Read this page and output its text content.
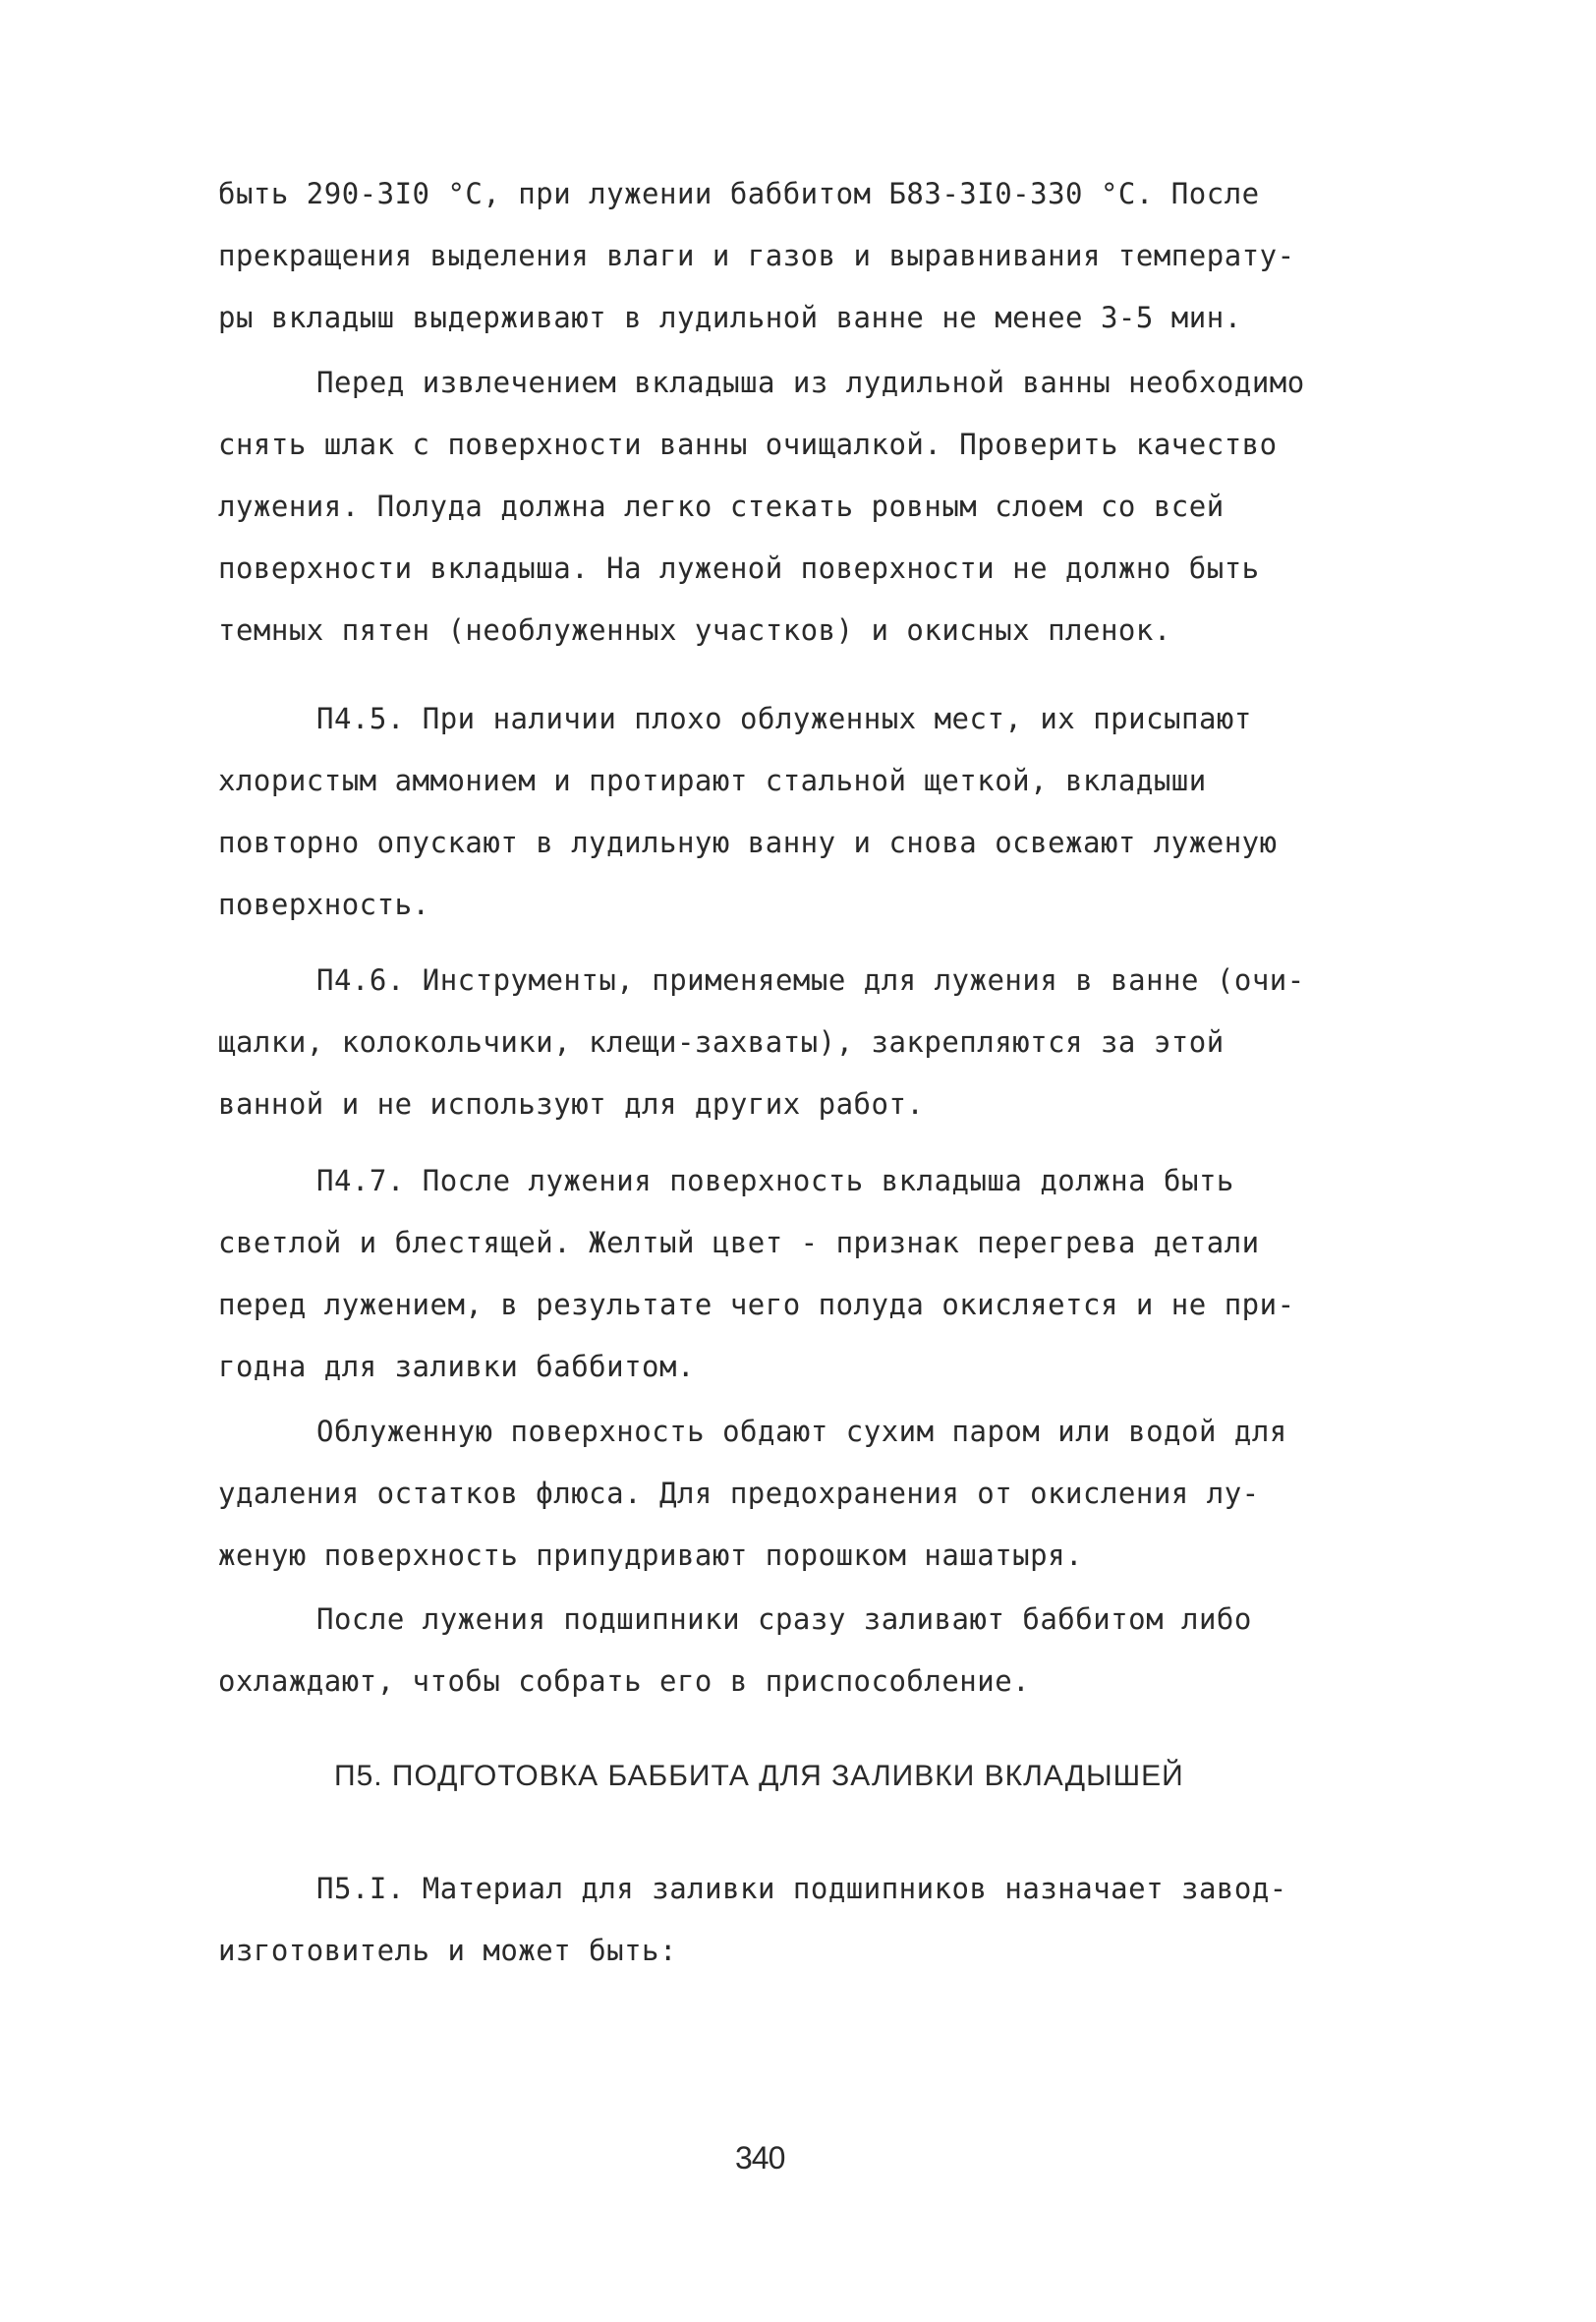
быть 290-3I0 °С, при лужении баббитом Б83-3I0-330 °С. После
прекращения выделения влаги и газов и выравнивания температу-
ры вкладыш выдерживают в лудильной ванне не менее 3-5 мин.
Перед извлечением вкладыша из лудильной ванны необходимо
снять шлак с поверхности ванны очищалкой. Проверить качество
лужения. Полуда должна легко стекать ровным слоем со всей
поверхности вкладыша. На луженой поверхности не должно быть
темных пятен (необлуженных участков) и окисных пленок.
П4.5. При наличии плохо облуженных мест, их присыпают
хлористым аммонием и протирают стальной щеткой, вкладыши
повторно опускают в лудильную ванну и снова освежают луженую
поверхность.
П4.6. Инструменты, применяемые для лужения в ванне (очи-
щалки, колокольчики, клещи-захваты), закрепляются за этой
ванной и не используют для других работ.
П4.7. После лужения поверхность вкладыша должна быть
светлой и блестящей. Желтый цвет - признак перегрева детали
перед лужением, в результате чего полуда окисляется и не при-
годна для заливки баббитом.
Облуженную поверхность обдают сухим паром или водой для
удаления остатков флюса. Для предохранения от окисления лу-
женую поверхность припудривают порошком нашатыря.
После лужения подшипники сразу заливают баббитом либо
охлаждают, чтобы собрать его в приспособление.
П5. ПОДГОТОВКА БАББИТА ДЛЯ ЗАЛИВКИ ВКЛАДЫШЕЙ
П5.I. Материал для заливки подшипников назначает завод-
изготовитель и может быть:
340
